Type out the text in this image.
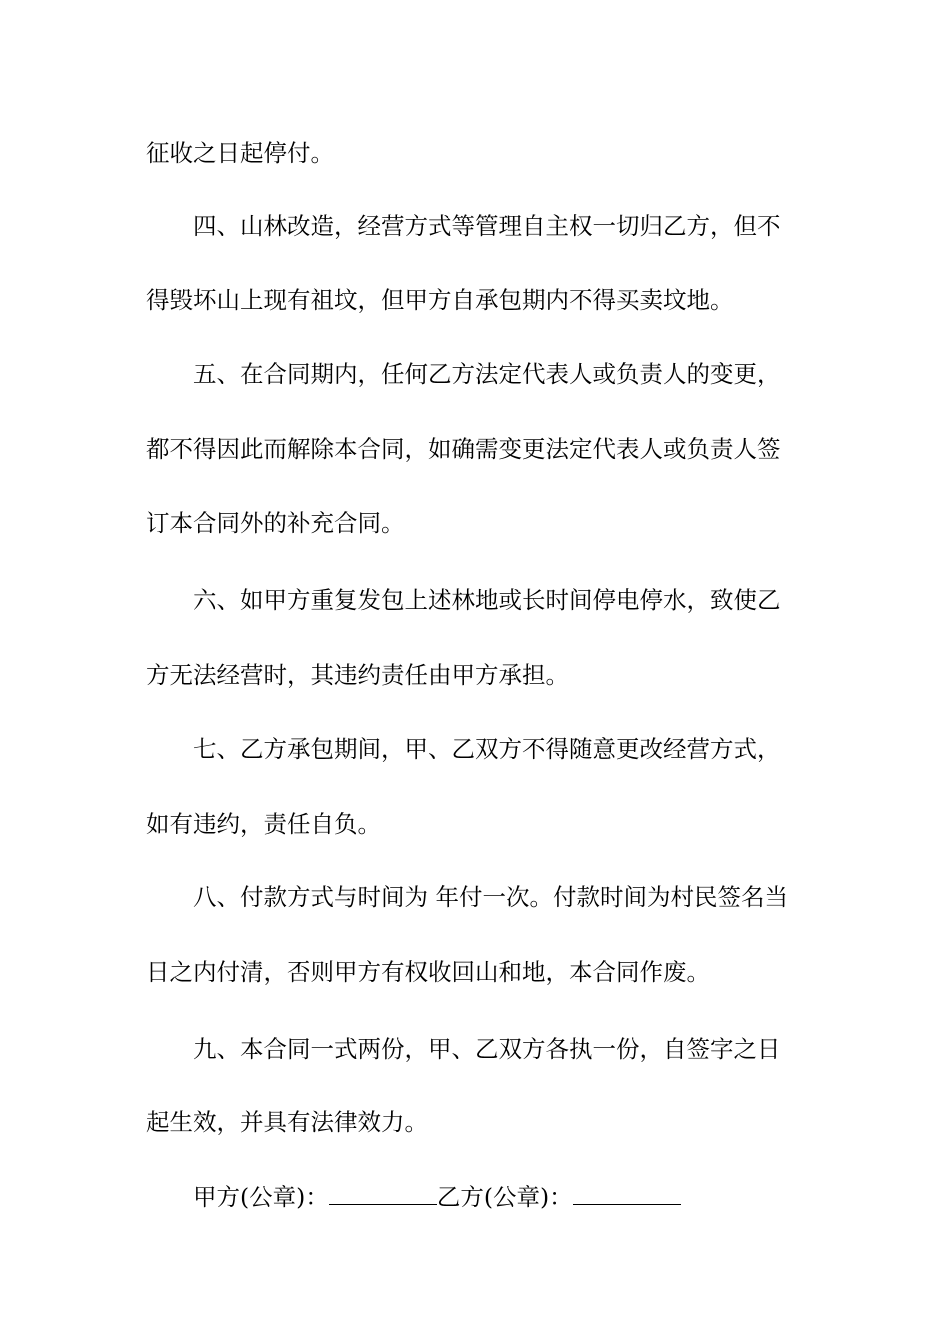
征收之日起停付。
四、山林改造，经营方式等管理自主权一切归乙方，但不
得毁坏山上现有祖坟，但甲方自承包期内不得买卖坟地。
五、在合同期内，任何乙方法定代表人或负责人的变更，
都不得因此而解除本合同，如确需变更法定代表人或负责人签
订本合同外的补充合同。
六、如甲方重复发包上述林地或长时间停电停水，致使乙
方无法经营时，其违约责任由甲方承担。
七、乙方承包期间，甲、乙双方不得随意更改经营方式，
如有违约，责任自负。
八、付款方式与时间为 年付一次。付款时间为村民签名当
日之内付清，否则甲方有权收回山和地，本合同作废。
九、本合同一式两份，甲、乙双方各执一份，自签字之日
起生效，并具有法律效力。
甲方(公章)：	乙方(公章)：
